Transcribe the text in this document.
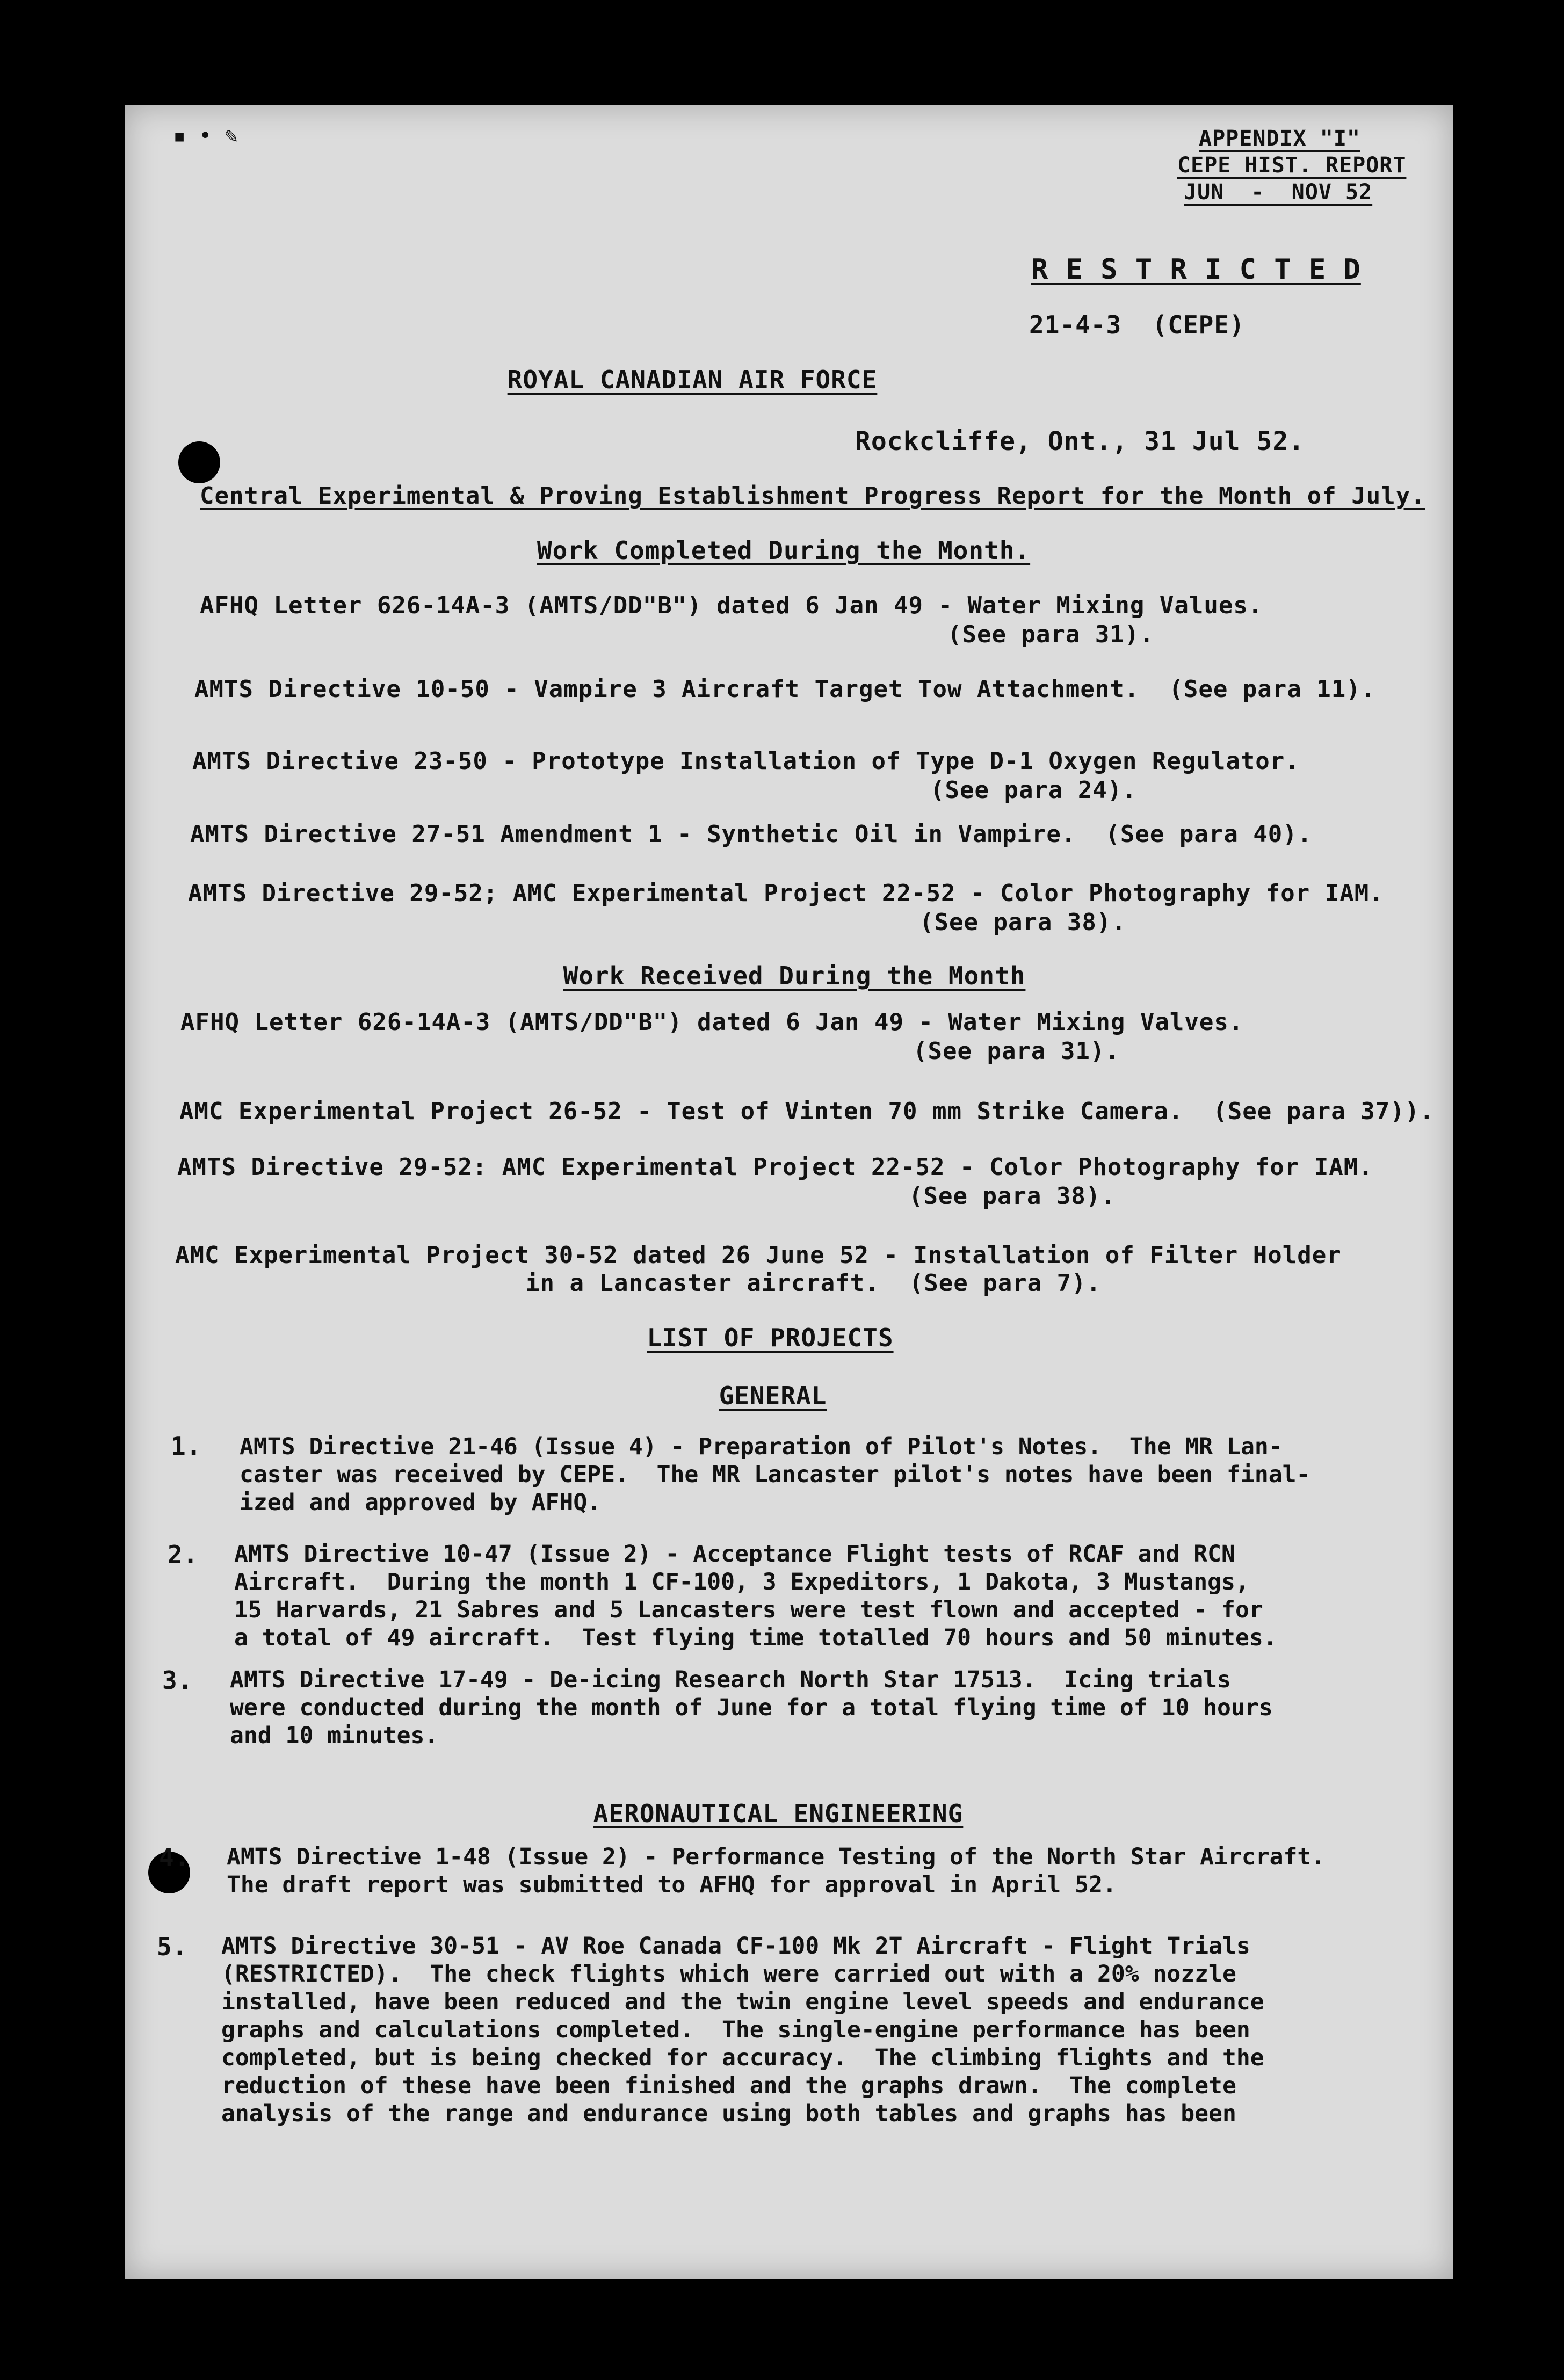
▪ • ✎	APPENDIX "I"
CEPE HIST. REPORT
JUN  -  NOV 52
R E S T R I C T E D
21-4-3  (CEPE)
ROYAL CANADIAN AIR FORCE
Rockcliffe, Ont., 31 Jul 52.
Central Experimental & Proving Establishment Progress Report for the Month of July.
Work Completed During the Month.
AFHQ Letter 626-14A-3 (AMTS/DD"B") dated 6 Jan 49 - Water Mixing Values.
(See para 31).
AMTS Directive 10-50 - Vampire 3 Aircraft Target Tow Attachment.  (See para 11).
AMTS Directive 23-50 - Prototype Installation of Type D-1 Oxygen Regulator.
(See para 24).
AMTS Directive 27-51 Amendment 1 - Synthetic Oil in Vampire.  (See para 40).
AMTS Directive 29-52; AMC Experimental Project 22-52 - Color Photography for IAM.
(See para 38).
Work Received During the Month
AFHQ Letter 626-14A-3 (AMTS/DD"B") dated 6 Jan 49 - Water Mixing Valves.
(See para 31).
AMC Experimental Project 26-52 - Test of Vinten 70 mm Strike Camera.  (See para 37)).
AMTS Directive 29-52: AMC Experimental Project 22-52 - Color Photography for IAM.
(See para 38).
AMC Experimental Project 30-52 dated 26 June 52 - Installation of Filter Holder
in a Lancaster aircraft.  (See para 7).
LIST OF PROJECTS
GENERAL
1. AMTS Directive 21-46 (Issue 4) - Preparation of Pilot's Notes.  The MR Lan-
caster was received by CEPE.  The MR Lancaster pilot's notes have been final-
ized and approved by AFHQ.
2. AMTS Directive 10-47 (Issue 2) - Acceptance Flight tests of RCAF and RCN
Aircraft.  During the month 1 CF-100, 3 Expeditors, 1 Dakota, 3 Mustangs,
15 Harvards, 21 Sabres and 5 Lancasters were test flown and accepted - for
a total of 49 aircraft.  Test flying time totalled 70 hours and 50 minutes.
3. AMTS Directive 17-49 - De-icing Research North Star 17513.  Icing trials
were conducted during the month of June for a total flying time of 10 hours
and 10 minutes.
AERONAUTICAL ENGINEERING
4. AMTS Directive 1-48 (Issue 2) - Performance Testing of the North Star Aircraft.
The draft report was submitted to AFHQ for approval in April 52.
5. AMTS Directive 30-51 - AV Roe Canada CF-100 Mk 2T Aircraft - Flight Trials
(RESTRICTED).  The check flights which were carried out with a 20% nozzle
installed, have been reduced and the twin engine level speeds and endurance
graphs and calculations completed.  The single-engine performance has been
completed, but is being checked for accuracy.  The climbing flights and the
reduction of these have been finished and the graphs drawn.  The complete
analysis of the range and endurance using both tables and graphs has been
